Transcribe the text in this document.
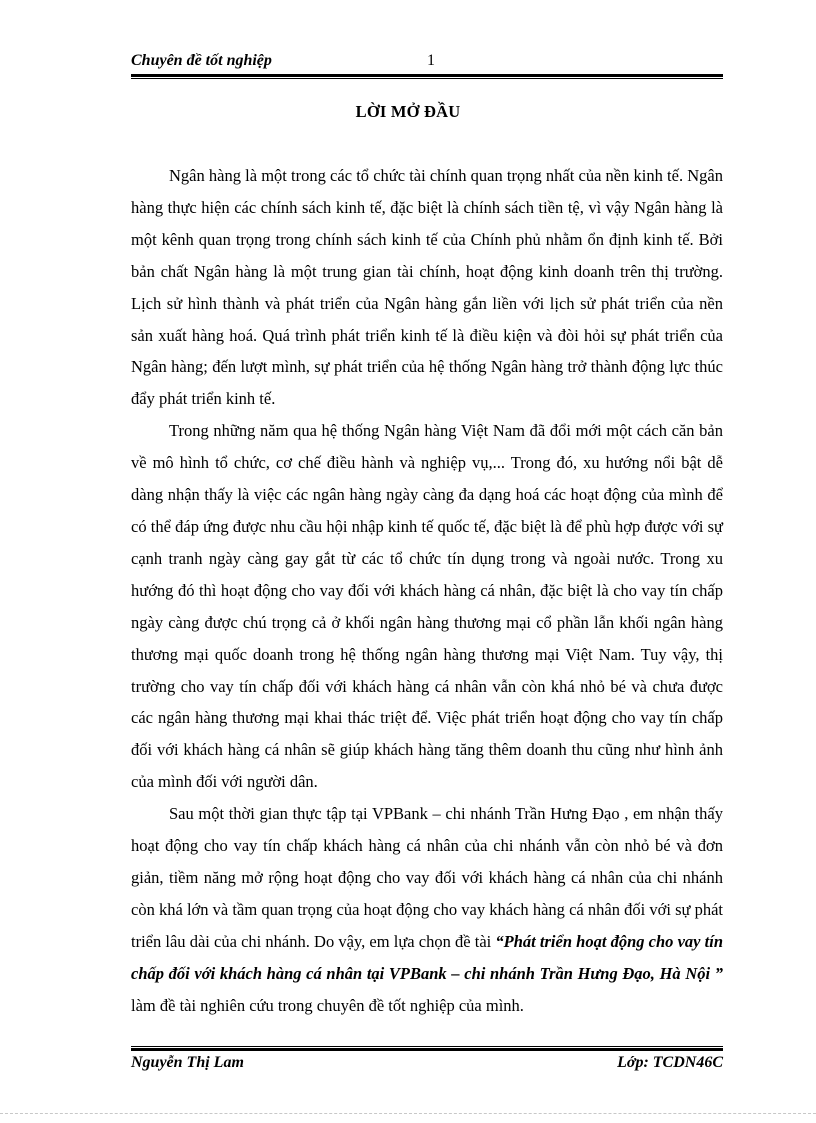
Chuyên đề tốt nghiệp	1
LỜI MỞ ĐẦU

Ngân hàng là một trong các tổ chức tài chính quan trọng nhất của nền kinh tế. Ngân hàng thực hiện các chính sách kinh tế, đặc biệt là chính sách tiền tệ, vì vậy Ngân hàng là một kênh quan trọng trong chính sách kinh tế của Chính phủ nhằm ổn định kinh tế. Bởi bản chất Ngân hàng là một trung gian tài chính, hoạt động kinh doanh trên thị trường. Lịch sử hình thành và phát triển của Ngân hàng gắn liền với lịch sử phát triển của nền sản xuất hàng hoá. Quá trình phát triển kinh tế là điều kiện và đòi hỏi sự phát triển của Ngân hàng; đến lượt mình, sự phát triển của hệ thống Ngân hàng trở thành động lực thúc đẩy phát triển kinh tế.

Trong những năm qua hệ thống Ngân hàng Việt Nam đã đổi mới một cách căn bản về mô hình tổ chức, cơ chế điều hành và nghiệp vụ,... Trong đó, xu hướng nổi bật dễ dàng nhận thấy là việc các ngân hàng ngày càng đa dạng hoá các hoạt động của mình để có thể đáp ứng được nhu cầu hội nhập kinh tế quốc tế, đặc biệt là để phù hợp được với sự cạnh tranh ngày càng gay gắt từ các tổ chức tín dụng trong và ngoài nước. Trong xu hướng đó thì hoạt động cho vay đối với khách hàng cá nhân, đặc biệt là cho vay tín chấp ngày càng được chú trọng cả ở khối ngân hàng thương mại cổ phần lẫn khối ngân hàng thương mại quốc doanh trong hệ thống ngân hàng thương mại Việt Nam. Tuy vậy, thị trường cho vay tín chấp đối với khách hàng cá nhân vẫn còn khá nhỏ bé và chưa được các ngân hàng thương mại khai thác triệt để. Việc phát triển hoạt động cho vay tín chấp đối với khách hàng cá nhân sẽ giúp khách hàng tăng thêm doanh thu cũng như hình ảnh của mình đối với người dân.

Sau một thời gian thực tập tại VPBank – chi nhánh Trần Hưng Đạo , em nhận thấy hoạt động cho vay tín chấp khách hàng cá nhân của chi nhánh vẫn còn nhỏ bé và đơn giản, tiềm năng mở rộng hoạt động cho vay đối với khách hàng cá nhân của chi nhánh còn khá lớn và tầm quan trọng của hoạt động cho vay khách hàng cá nhân đối với sự phát triển lâu dài của chi nhánh. Do vậy, em lựa chọn đề tài “Phát triển hoạt động cho vay tín chấp đối với khách hàng cá nhân tại VPBank – chi nhánh Trần Hưng Đạo, Hà Nội ” làm đề tài nghiên cứu trong chuyên đề tốt nghiệp của mình.

Nguyễn Thị Lam	Lớp: TCDN46C
